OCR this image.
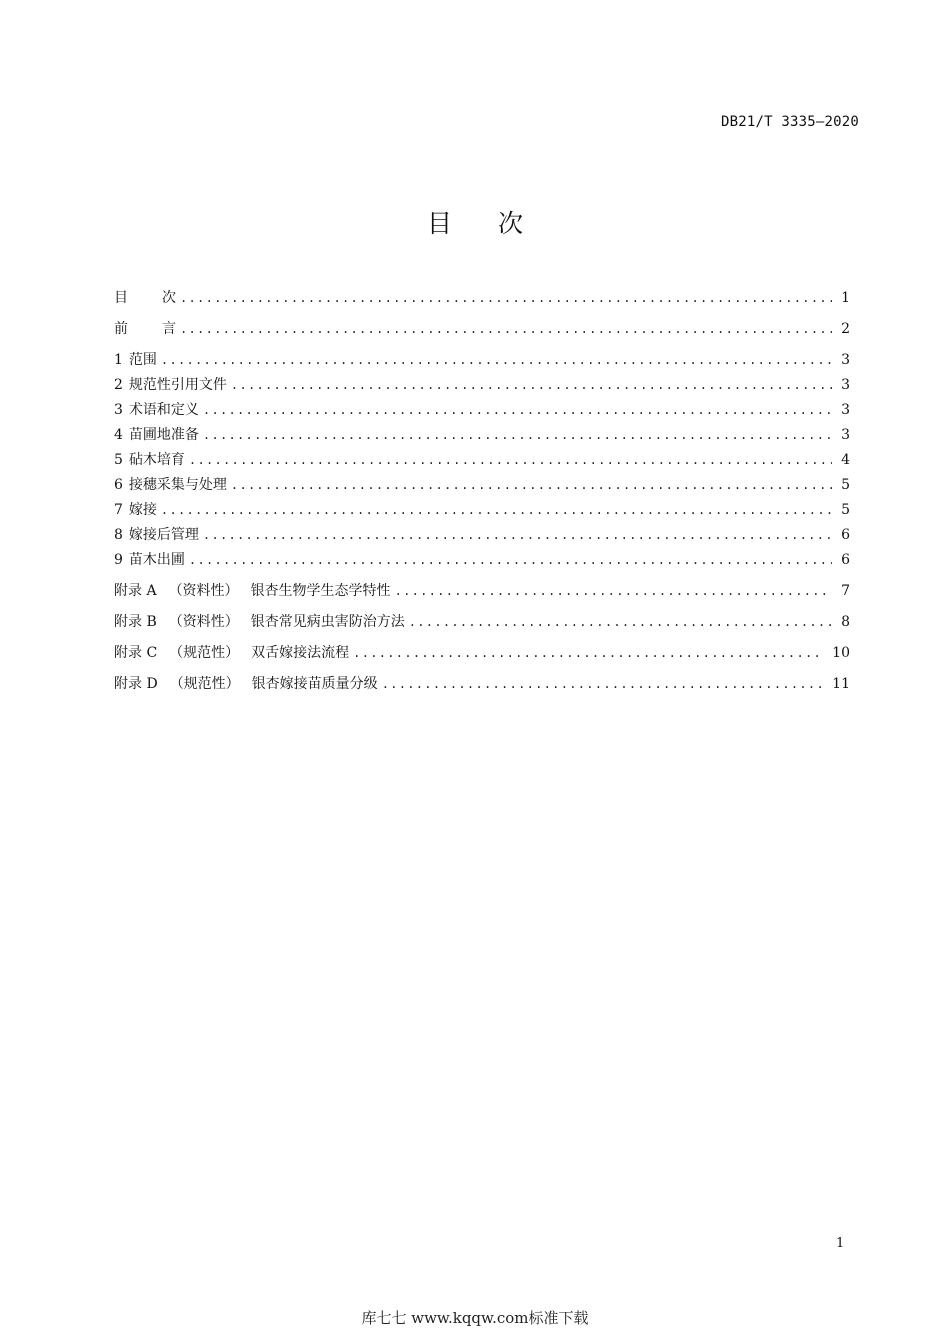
DB21/T 3335—2020
目 次
目 次 .....	1
前 言 .....	2
1 范围 .....	3
2 规范性引用文件 .....	3
3 术语和定义 .....	3
4 苗圃地准备 .....	3
5 砧木培育 .....	4
6 接穗采集与处理 .....	5
7 嫁接 .....	5
8 嫁接后管理 .....	6
9 苗木出圃 .....	6
附录 A （资料性） 银杏生物学生态学特性 .....	7
附录 B （资料性） 银杏常见病虫害防治方法 .....	8
附录 C （规范性） 双舌嫁接法流程 .....	10
附录 D （规范性） 银杏嫁接苗质量分级 .....	11
1
库七七 www.kqqw.com标准下载
